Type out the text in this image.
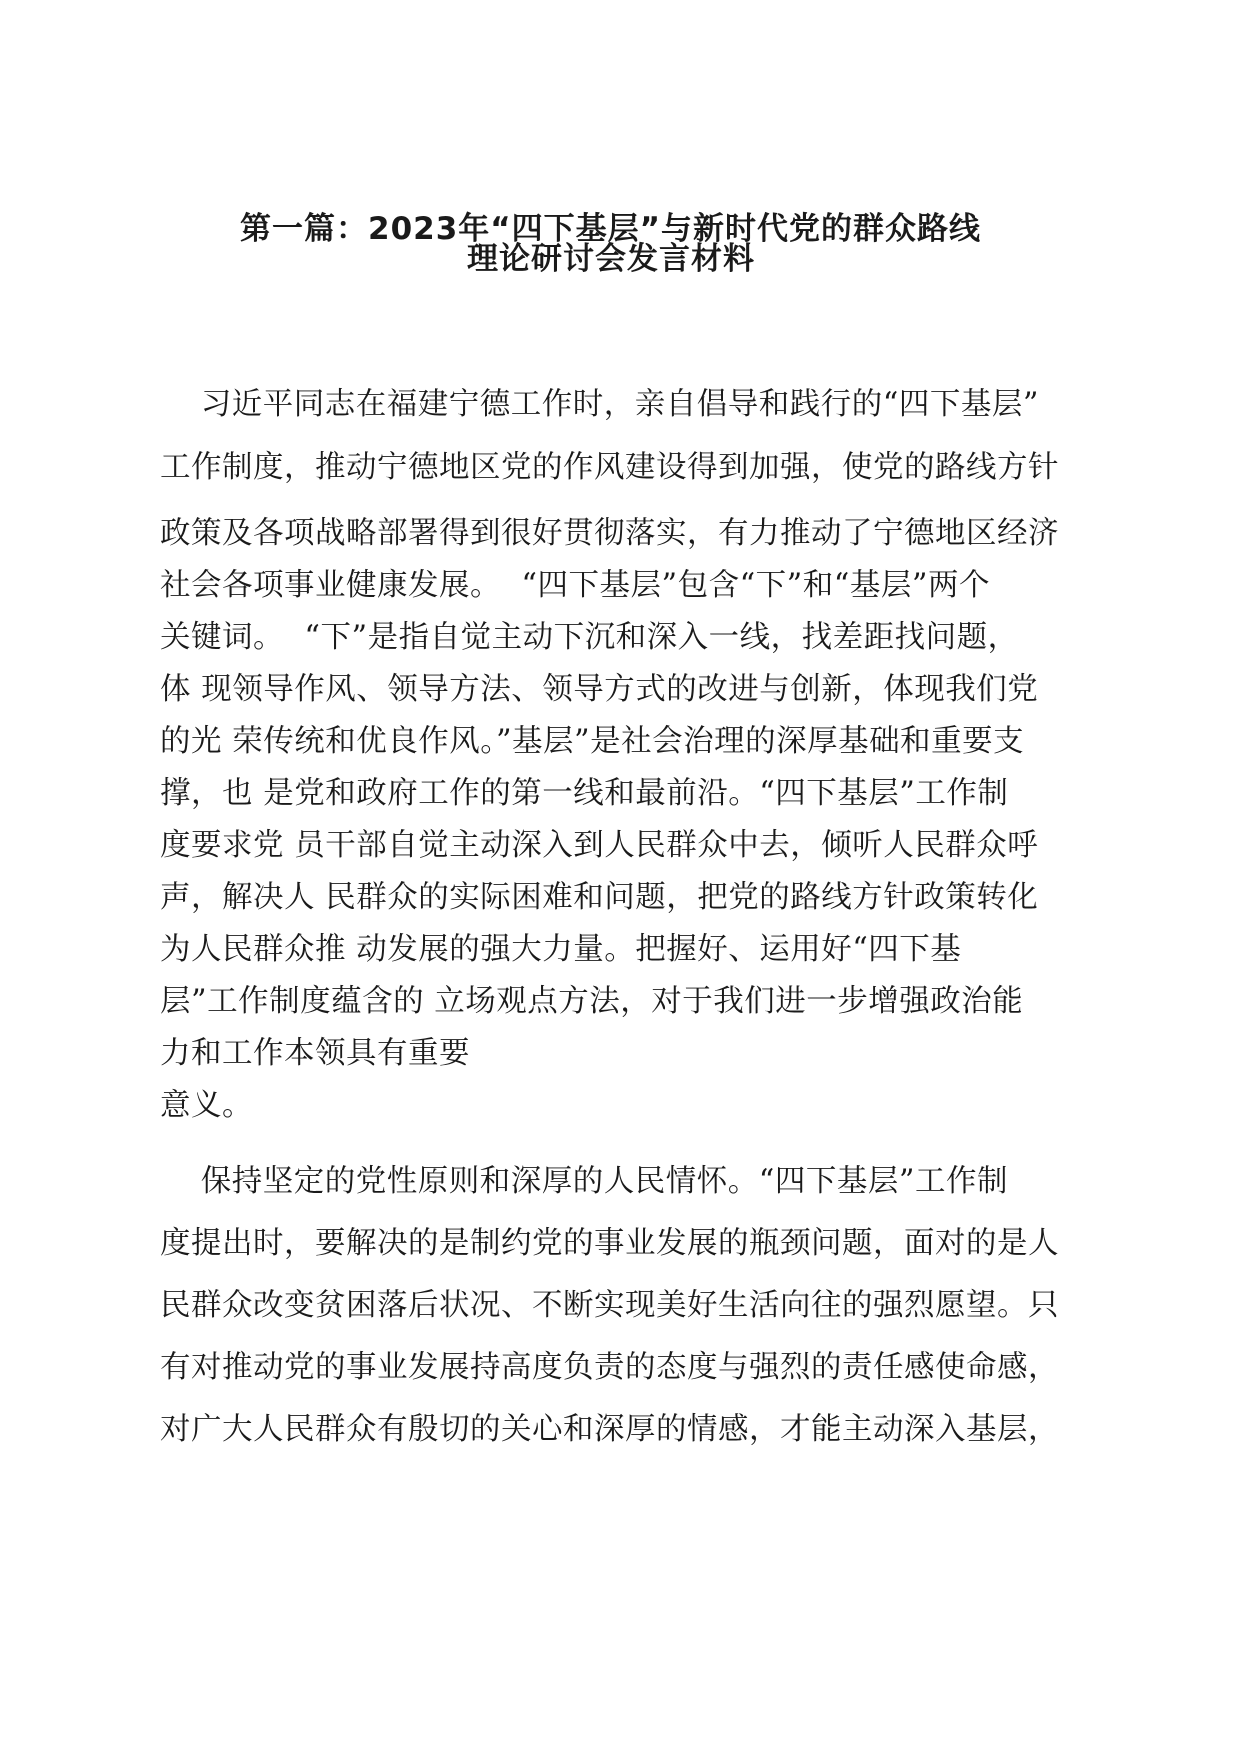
第一篇：2023年“四下基层”与新时代党的群众路线
理论研讨会发言材料
习近平同志在福建宁德工作时，亲自倡导和践行的“四下基层”
工作制度，推动宁德地区党的作风建设得到加强，使党的路线方针
政策及各项战略部署得到很好贯彻落实，有力推动了宁德地区经济
社会各项事业健康发展。  “四下基层”包含“下”和“基层”两个
关键词。  “下”是指自觉主动下沉和深入一线，找差距找问题，
体 现领导作风、领导方法、领导方式的改进与创新，体现我们党
的光 荣传统和优良作风。”基层”是社会治理的深厚基础和重要支
撑，也 是党和政府工作的第一线和最前沿。“四下基层”工作制
度要求党 员干部自觉主动深入到人民群众中去，倾听人民群众呼
声，解决人 民群众的实际困难和问题，把党的路线方针政策转化
为人民群众推 动发展的强大力量。把握好、运用好“四下基
层”工作制度蕴含的 立场观点方法，对于我们进一步增强政治能
力和工作本领具有重要
意义。
保持坚定的党性原则和深厚的人民情怀。“四下基层”工作制
度提出时，要解决的是制约党的事业发展的瓶颈问题，面对的是人
民群众改变贫困落后状况、不断实现美好生活向往的强烈愿望。只
有对推动党的事业发展持高度负责的态度与强烈的责任感使命感，
对广大人民群众有殷切的关心和深厚的情感，才能主动深入基层，
